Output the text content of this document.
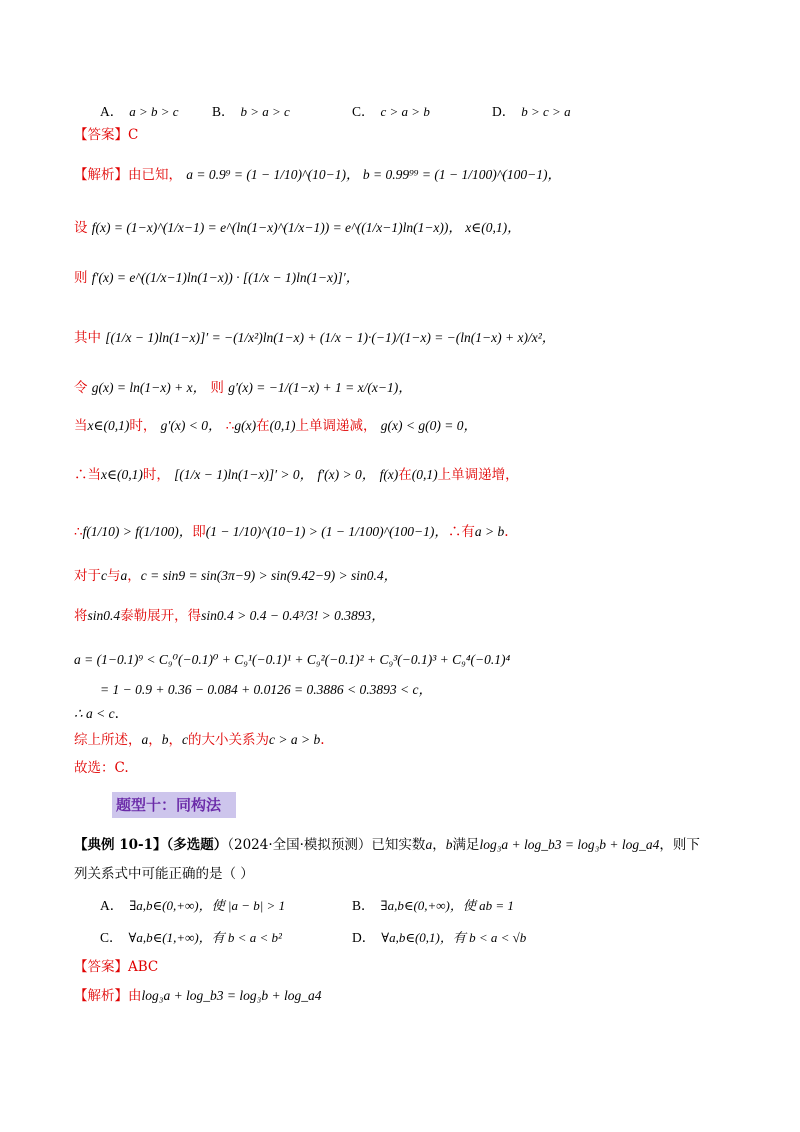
A． a > b > c B． b > a > c	C． c > a > b	D． b > c > a
【答案】C
【解析】由已知， a = 0.9⁹ = (1 − 1/10)^(10−1)， b = 0.99⁹⁹ = (1 − 1/100)^(100−1)，
设 f(x) = (1−x)^(1/x−1) = e^(ln(1−x)^(1/x−1)) = e^((1/x−1)ln(1−x))， x∈(0,1)，
则 f′(x) = e^((1/x−1)ln(1−x)) · [(1/x − 1)ln(1−x)]′，
其中 [(1/x − 1)ln(1−x)]′ = −(1/x²)ln(1−x) + (1/x − 1)·(−1)/(1−x) = −(ln(1−x) + x)/x²，
令 g(x) = ln(1−x) + x， 则 g′(x) = −1/(1−x) + 1 = x/(x−1)，
当x∈(0,1)时， g′(x) < 0， ∴g(x)在(0,1)上单调递减， g(x) < g(0) = 0，
∴当x∈(0,1)时， [(1/x − 1)ln(1−x)]′ > 0， f′(x) > 0， f(x)在(0,1)上单调递增，
∴f(1/10) > f(1/100)，即(1 − 1/10)^(10−1) > (1 − 1/100)^(100−1)，∴有a > b.
对于c与a，c = sin9 = sin(3π−9) > sin(9.42−9) > sin0.4，
将sin0.4泰勒展开，得sin0.4 > 0.4 − 0.4³/3! > 0.3893，
a = (1−0.1)⁹ < C₉⁰(−0.1)⁰ + C₉¹(−0.1)¹ + C₉²(−0.1)² + C₉³(−0.1)³ + C₉⁴(−0.1)⁴
= 1 − 0.9 + 0.36 − 0.084 + 0.0126 = 0.3886 < 0.3893 < c，
∴ a < c.
综上所述，a，b，c的大小关系为c > a > b.
故选：C.
题型十：同构法
【典例 10-1】（多选题）（2024·全国·模拟预测）已知实数a，b满足log₃a + log_b3 = log₃b + log_a4，则下
列关系式中可能正确的是（ ）
A． ∃a,b∈(0,+∞)，使 |a − b| > 1	B． ∃a,b∈(0,+∞)，使 ab = 1
C． ∀a,b∈(1,+∞)，有 b < a < b²	D． ∀a,b∈(0,1)，有 b < a < √b
【答案】ABC
【解析】由log₃a + log_b3 = log₃b + log_a4
